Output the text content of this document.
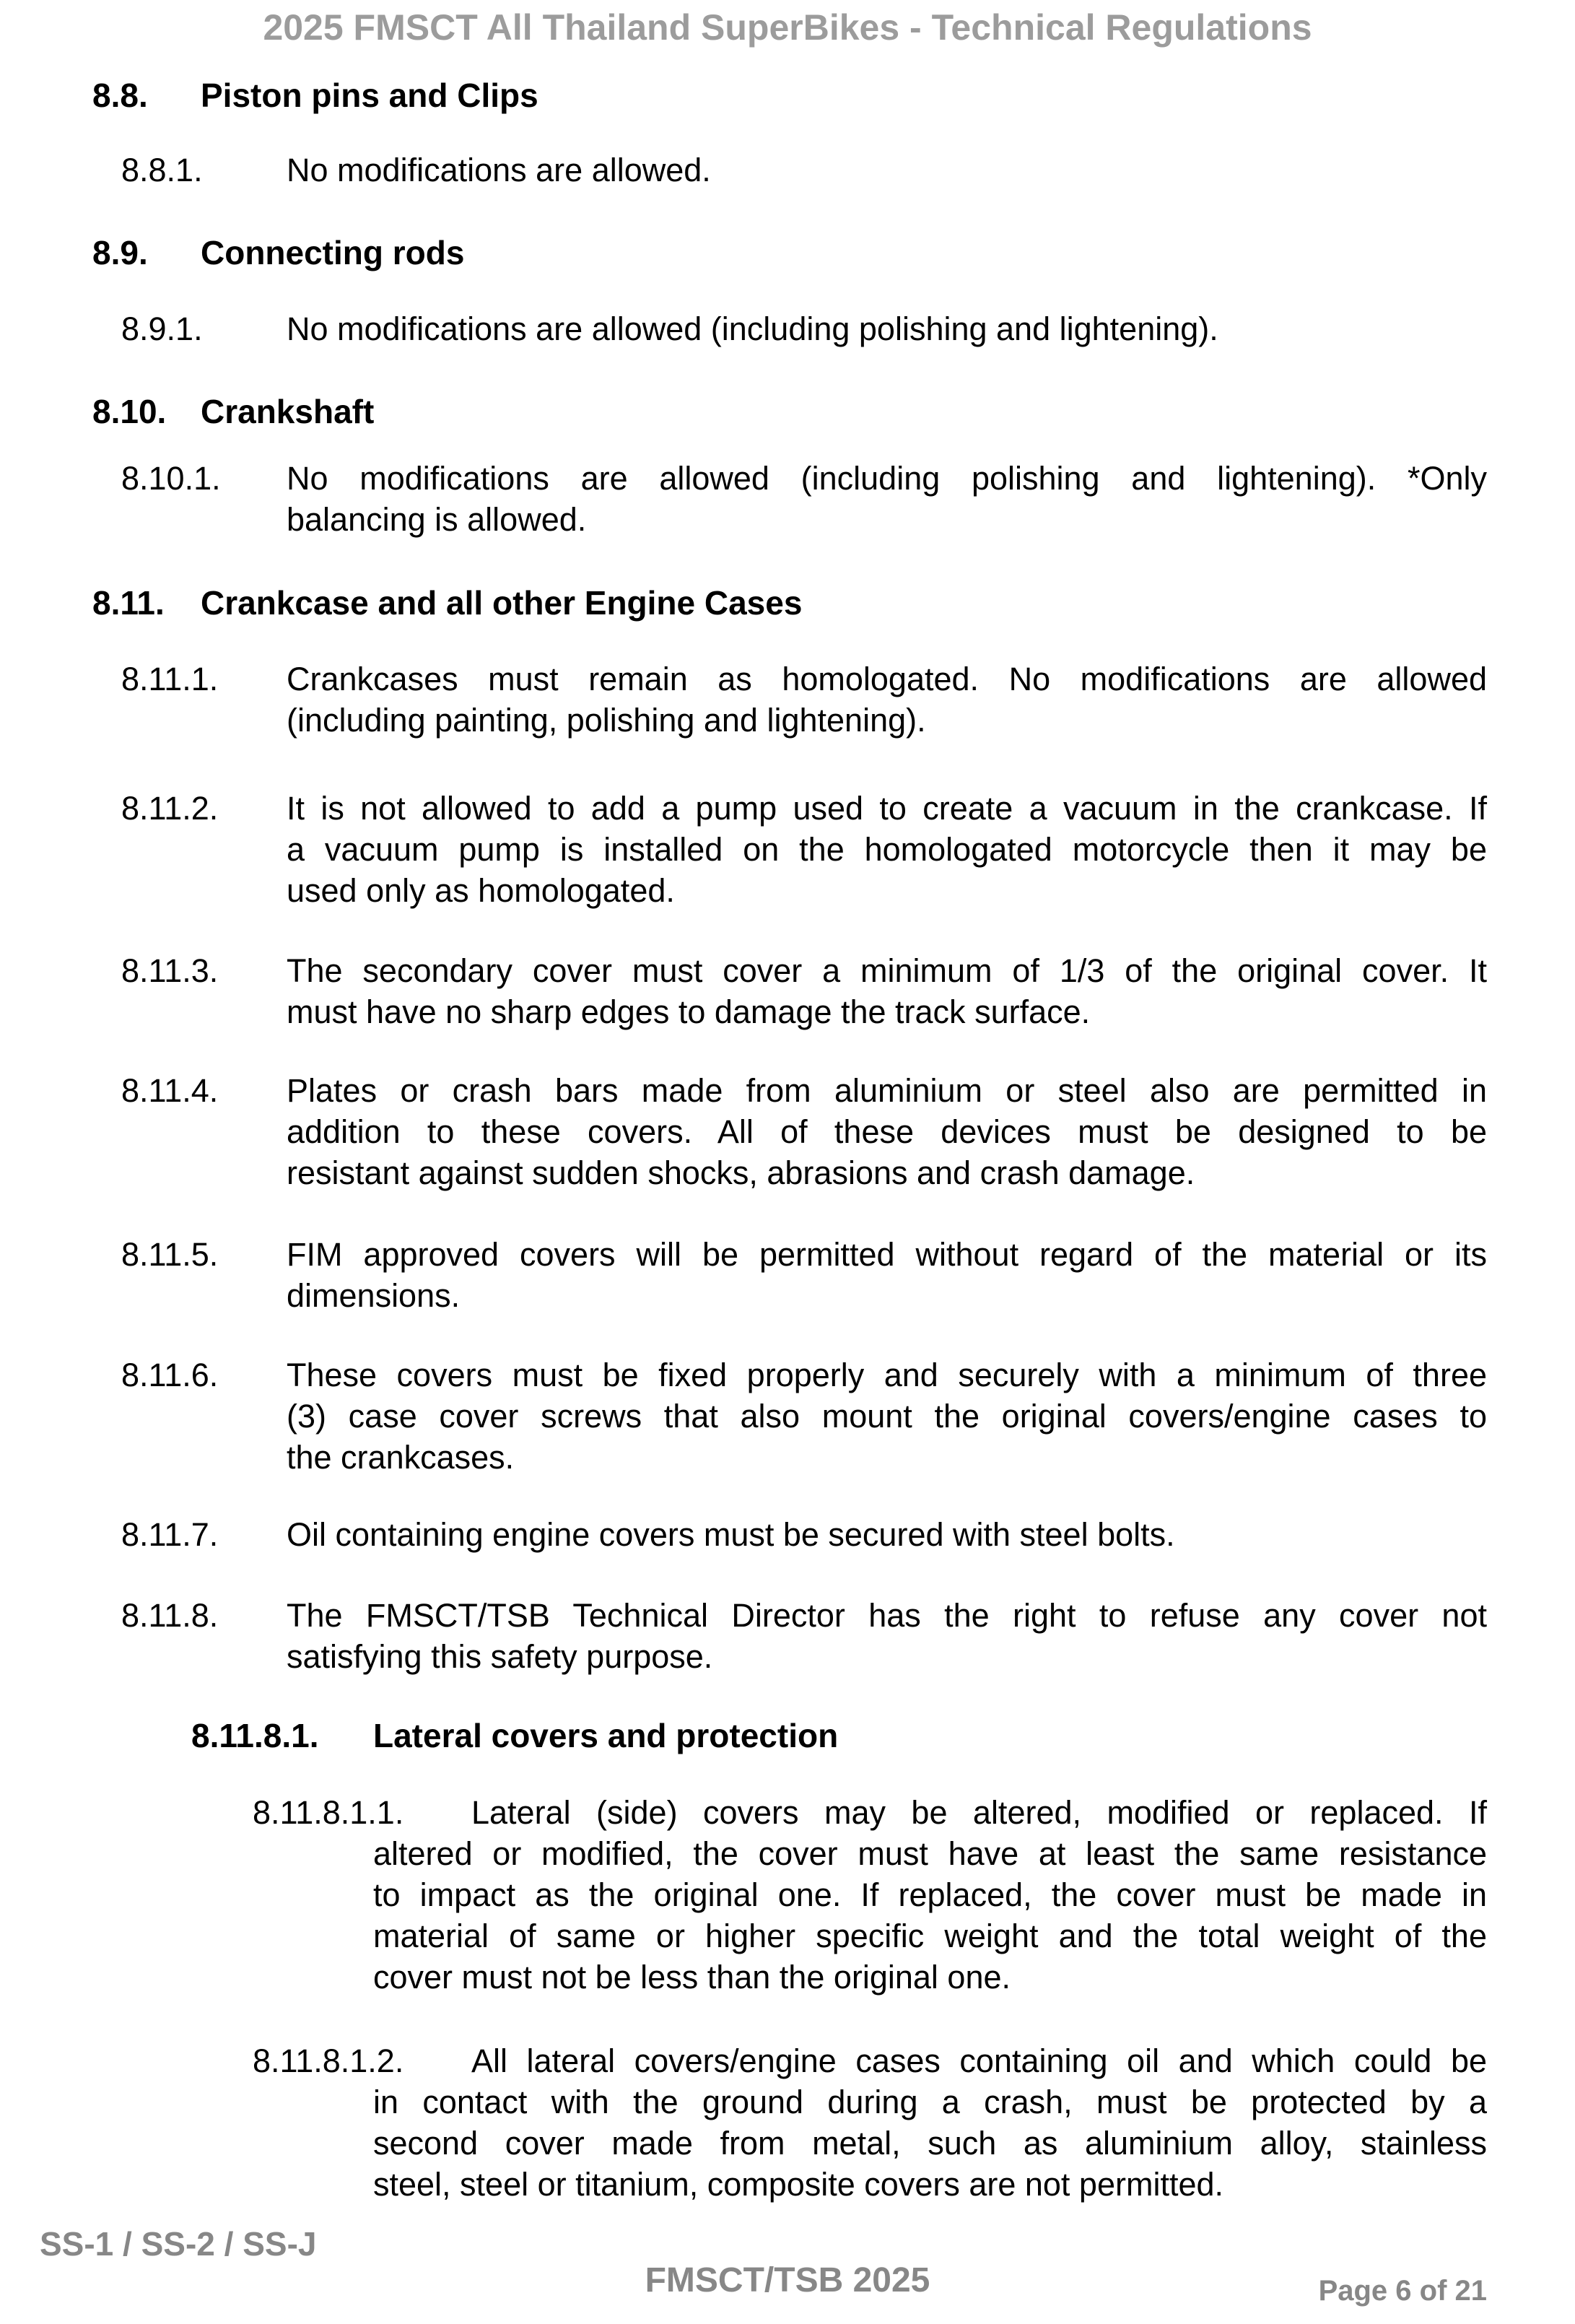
2025 FMSCT All Thailand SuperBikes - Technical Regulations
8.8. Piston pins and Clips
8.8.1.	No modifications are allowed.
8.9. Connecting rods
8.9.1.	No modifications are allowed (including polishing and lightening).
8.10. Crankshaft
8.10.1. No modifications are allowed (including polishing and lightening). *Only
balancing is allowed.
8.11. Crankcase and all other Engine Cases
8.11.1. Crankcases must remain as homologated. No modifications are allowed
(including painting, polishing and lightening).
8.11.2. It is not allowed to add a pump used to create a vacuum in the crankcase. If
a vacuum pump is installed on the homologated motorcycle then it may be
used only as homologated.
8.11.3. The secondary cover must cover a minimum of 1/3 of the original cover. It
must have no sharp edges to damage the track surface.
8.11.4. Plates or crash bars made from aluminium or steel also are permitted in
addition to these covers. All of these devices must be designed to be
resistant against sudden shocks, abrasions and crash damage.
8.11.5. FIM approved covers will be permitted without regard of the material or its
dimensions.
8.11.6. These covers must be fixed properly and securely with a minimum of three
(3) case cover screws that also mount the original covers/engine cases to
the crankcases.
8.11.7. Oil containing engine covers must be secured with steel bolts.
8.11.8. The FMSCT/TSB Technical Director has the right to refuse any cover not
satisfying this safety purpose.
8.11.8.1. Lateral covers and protection
8.11.8.1.1.	Lateral (side) covers may be altered, modified or replaced. If
altered or modified, the cover must have at least the same resistance
to impact as the original one. If replaced, the cover must be made in
material of same or higher specific weight and the total weight of the
cover must not be less than the original one.
8.11.8.1.2.	All lateral covers/engine cases containing oil and which could be
in contact with the ground during a crash, must be protected by a
second cover made from metal, such as aluminium alloy, stainless
steel, steel or titanium, composite covers are not permitted.
SS-1 / SS-2 / SS-J
FMSCT/TSB 2025	Page 6 of 21
